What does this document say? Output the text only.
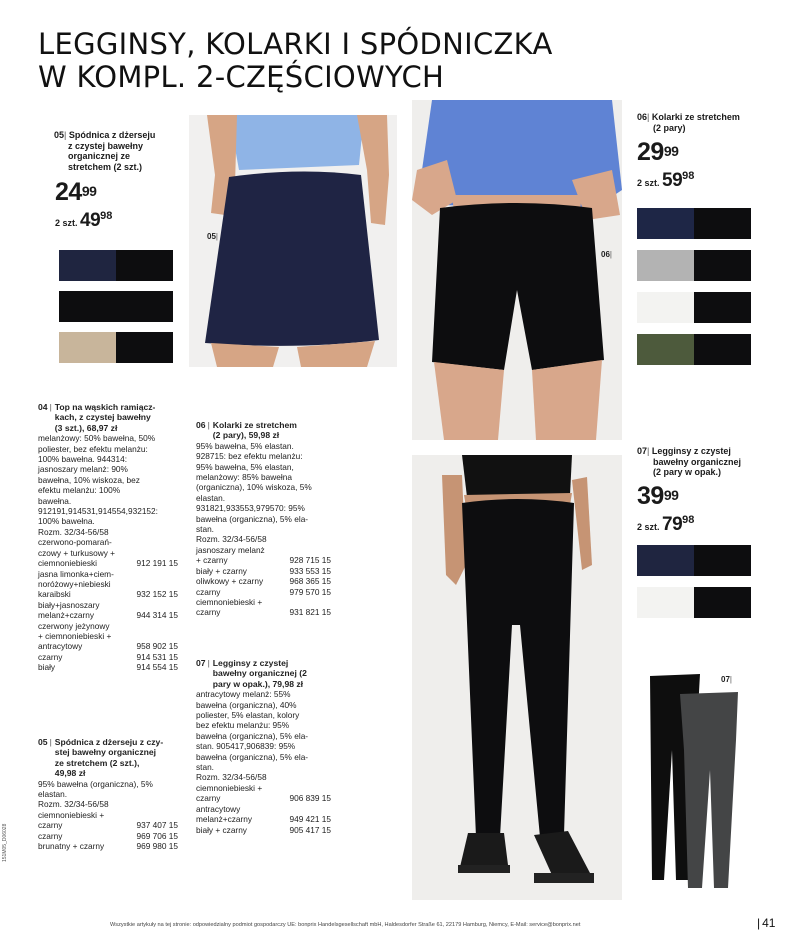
LEGGINSY, KOLARKI I SPÓDNICZKA
W KOMPL. 2-CZĘŚCIOWYCH
05| Spódnica z dżerseju
z czystej bawełny
organicznej ze
stretchem (2 szt.)
$24^{99}$
2 szt. $49^{98}$
05|
06|
07|
06| Kolarki ze stretchem
(2 pary)
$29^{99}$
2 szt. $59^{98}$
07| Legginsy z czystej
bawełny organicznej
(2 pary w opak.)
$39^{99}$
2 szt. $79^{98}$
04 | Top na wąskich ramiącz-
kach, z czystej bawełny
(3 szt.), 68,97 zł

melanżowy: 50% bawełna, 50%
poliester, bez efektu melanżu:
100% bawełna. 944314:
jasnoszary melanż: 90%
bawełna, 10% wiskoza, bez
efektu melanżu: 100%
bawełna.
912191,914531,914554,932152:
100% bawełna.
Rozm. 32/34-56/58

czerwono-pomarań-
czowy + turkusowy +
ciemnoniebieski	912 191 15
jasna limonka+ciem-
noróżowy+niebieski
karaibski	932 152 15
biały+jasnoszary
melanż+czarny	944 314 15
czerwony jeżynowy
+ ciemnoniebieski +
antracytowy	958 902 15
czarny	914 531 15
biały	914 554 15
05 | Spódnica z dżerseju z czy-
stej bawełny organicznej
ze stretchem (2 szt.),
49,98 zł

95% bawełna (organiczna), 5%
elastan.
Rozm. 32/34-56/58

ciemnoniebieski +
czarny	937 407 15
czarny	969 706 15
brunatny + czarny	969 980 15
06 | Kolarki ze stretchem
(2 pary), 59,98 zł

95% bawełna, 5% elastan.
928715: bez efektu melanżu:
95% bawełna, 5% elastan,
melanżowy: 85% bawełna
(organiczna), 10% wiskoza, 5%
elastan.
931821,933553,979570: 95%
bawełna (organiczna), 5% ela-
stan.
Rozm. 32/34-56/58

jasnoszary melanż
+ czarny	928 715 15
biały + czarny	933 553 15
oliwkowy + czarny	968 365 15
czarny	979 570 15
ciemnoniebieski +
czarny	931 821 15
07 | Legginsy z czystej
bawełny organicznej (2
pary w opak.), 79,98 zł

antracytowy melanż: 55%
bawełna (organiczna), 40%
poliester, 5% elastan, kolory
bez efektu melanżu: 95%
bawełna (organiczna), 5% ela-
stan. 905417,906839: 95%
bawełna (organiczna), 5% ela-
stan.
Rozm. 32/34-56/58

ciemnoniebieski +
czarny	906 839 15
antracytowy
melanż+czarny	949 421 15
biały + czarny	905 417 15
Wszystkie artykuły na tej stronie: odpowiedzialny podmiot gospodarczy UE: bonprix Handelsgesellschaft mbH, Haldesdorfer Straße 61, 22179 Hamburg, Niemcy, E-Mail: service@bonprix.net	| 41
151M05_D06028
